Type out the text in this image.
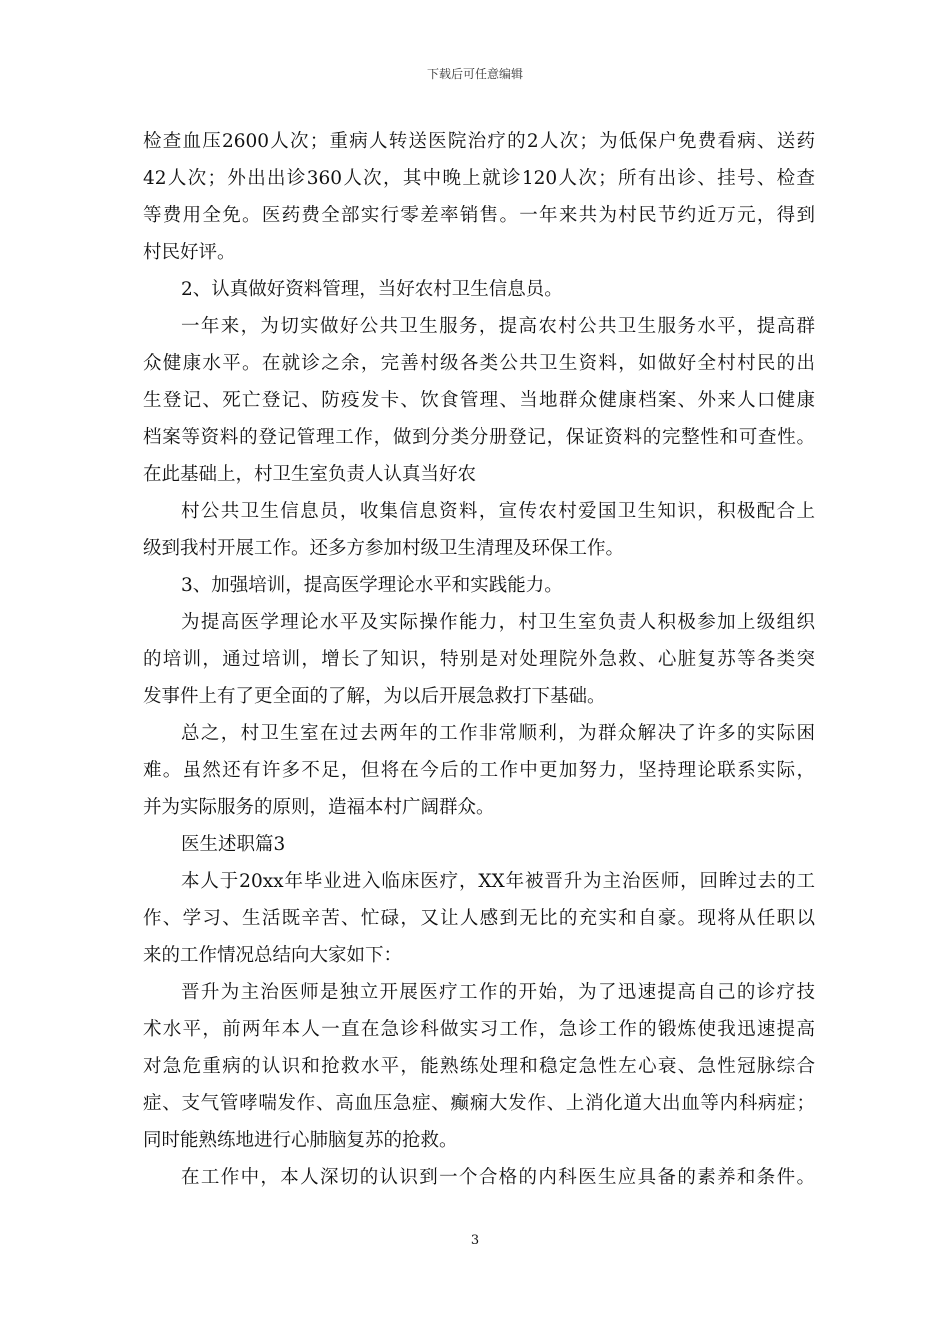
下载后可任意编辑
检查血压2600人次；重病人转送医院治疗的2人次；为低保户免费看病、送药
42人次；外出出诊360人次，其中晚上就诊120人次；所有出诊、挂号、检查
等费用全免。医药费全部实行零差率销售。一年来共为村民节约近万元，得到
村民好评。
2、认真做好资料管理，当好农村卫生信息员。
一年来，为切实做好公共卫生服务，提高农村公共卫生服务水平，提高群
众健康水平。在就诊之余，完善村级各类公共卫生资料，如做好全村村民的出
生登记、死亡登记、防疫发卡、饮食管理、当地群众健康档案、外来人口健康
档案等资料的登记管理工作，做到分类分册登记，保证资料的完整性和可查性。
在此基础上，村卫生室负责人认真当好农
村公共卫生信息员，收集信息资料，宣传农村爱国卫生知识，积极配合上
级到我村开展工作。还多方参加村级卫生清理及环保工作。
3、加强培训，提高医学理论水平和实践能力。
为提高医学理论水平及实际操作能力，村卫生室负责人积极参加上级组织
的培训，通过培训，增长了知识，特别是对处理院外急救、心脏复苏等各类突
发事件上有了更全面的了解，为以后开展急救打下基础。
总之，村卫生室在过去两年的工作非常顺利，为群众解决了许多的实际困
难。虽然还有许多不足，但将在今后的工作中更加努力，坚持理论联系实际，
并为实际服务的原则，造福本村广阔群众。
医生述职篇3
本人于20xx年毕业进入临床医疗，XX年被晋升为主治医师，回眸过去的工
作、学习、生活既辛苦、忙碌，又让人感到无比的充实和自豪。现将从任职以
来的工作情况总结向大家如下：
晋升为主治医师是独立开展医疗工作的开始，为了迅速提高自己的诊疗技
术水平，前两年本人一直在急诊科做实习工作，急诊工作的锻炼使我迅速提高
对急危重病的认识和抢救水平，能熟练处理和稳定急性左心衰、急性冠脉综合
症、支气管哮喘发作、高血压急症、癫痫大发作、上消化道大出血等内科病症；
同时能熟练地进行心肺脑复苏的抢救。
在工作中，本人深切的认识到一个合格的内科医生应具备的素养和条件。
3
